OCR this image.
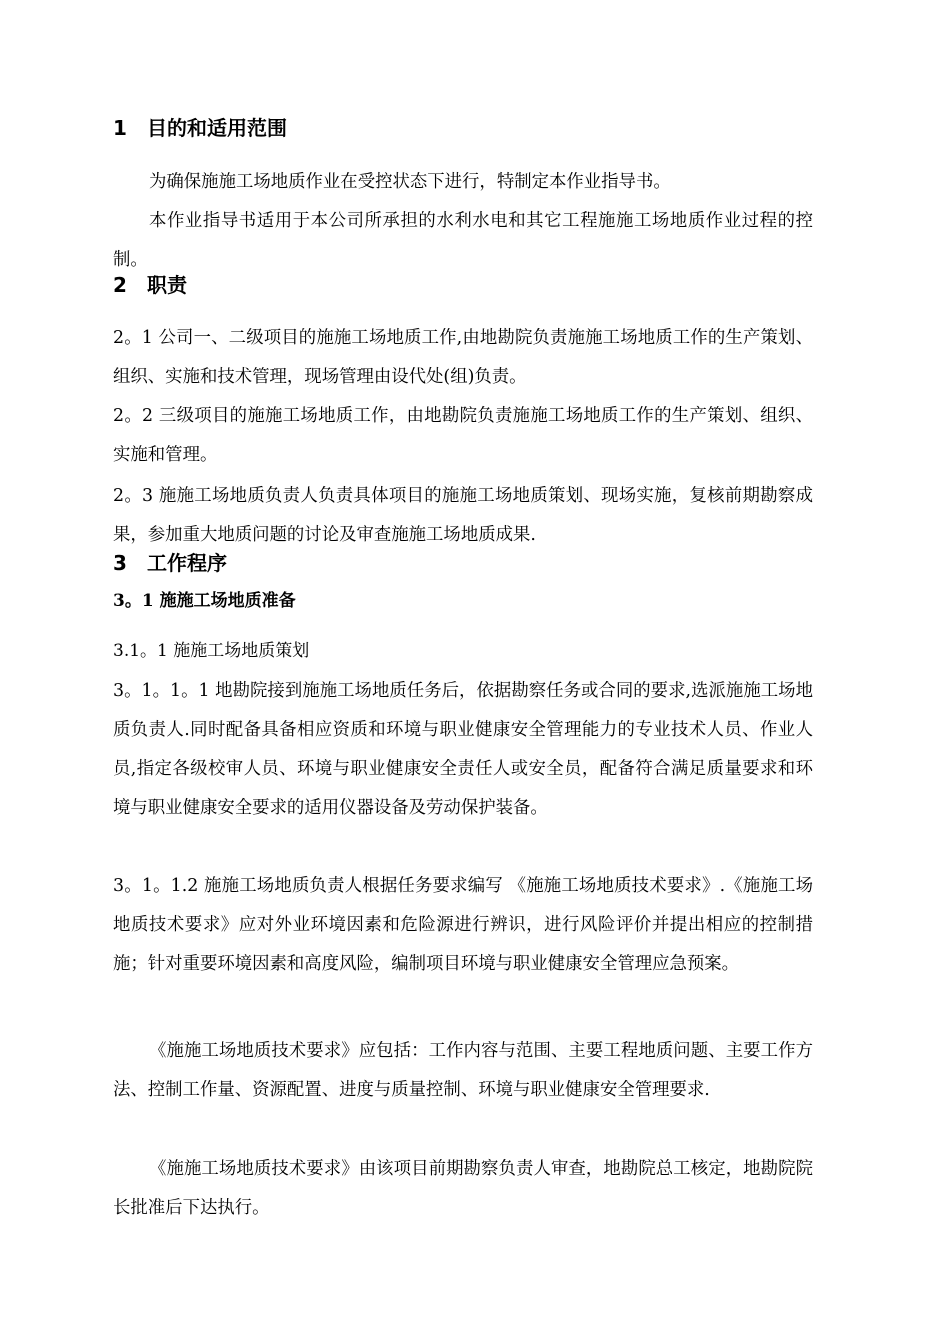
1 目的和适用范围

为确保施施工场地质作业在受控状态下进行，特制定本作业指导书。

本作业指导书适用于本公司所承担的水利水电和其它工程施施工场地质作业过程的控制。

2 职责

2。1 公司一、二级项目的施施工场地质工作,由地勘院负责施施工场地质工作的生产策划、组织、实施和技术管理，现场管理由设代处(组)负责。

2。2 三级项目的施施工场地质工作，由地勘院负责施施工场地质工作的生产策划、组织、实施和管理。

2。3 施施工场地质负责人负责具体项目的施施工场地质策划、现场实施，复核前期勘察成果，参加重大地质问题的讨论及审查施施工场地质成果.

3 工作程序
3。1 施施工场地质准备
3.1。1 施施工场地质策划

3。1。1。1 地勘院接到施施工场地质任务后，依据勘察任务或合同的要求,选派施施工场地质负责人.同时配备具备相应资质和环境与职业健康安全管理能力的专业技术人员、作业人员,指定各级校审人员、环境与职业健康安全责任人或安全员，配备符合满足质量要求和环境与职业健康安全要求的适用仪器设备及劳动保护装备。

3。1。1.2 施施工场地质负责人根据任务要求编写 《施施工场地质技术要求》.《施施工场地质技术要求》应对外业环境因素和危险源进行辨识，进行风险评价并提出相应的控制措施；针对重要环境因素和高度风险，编制项目环境与职业健康安全管理应急预案。

《施施工场地质技术要求》应包括：工作内容与范围、主要工程地质问题、主要工作方法、控制工作量、资源配置、进度与质量控制、环境与职业健康安全管理要求.

《施施工场地质技术要求》由该项目前期勘察负责人审查，地勘院总工核定，地勘院院长批准后下达执行。
